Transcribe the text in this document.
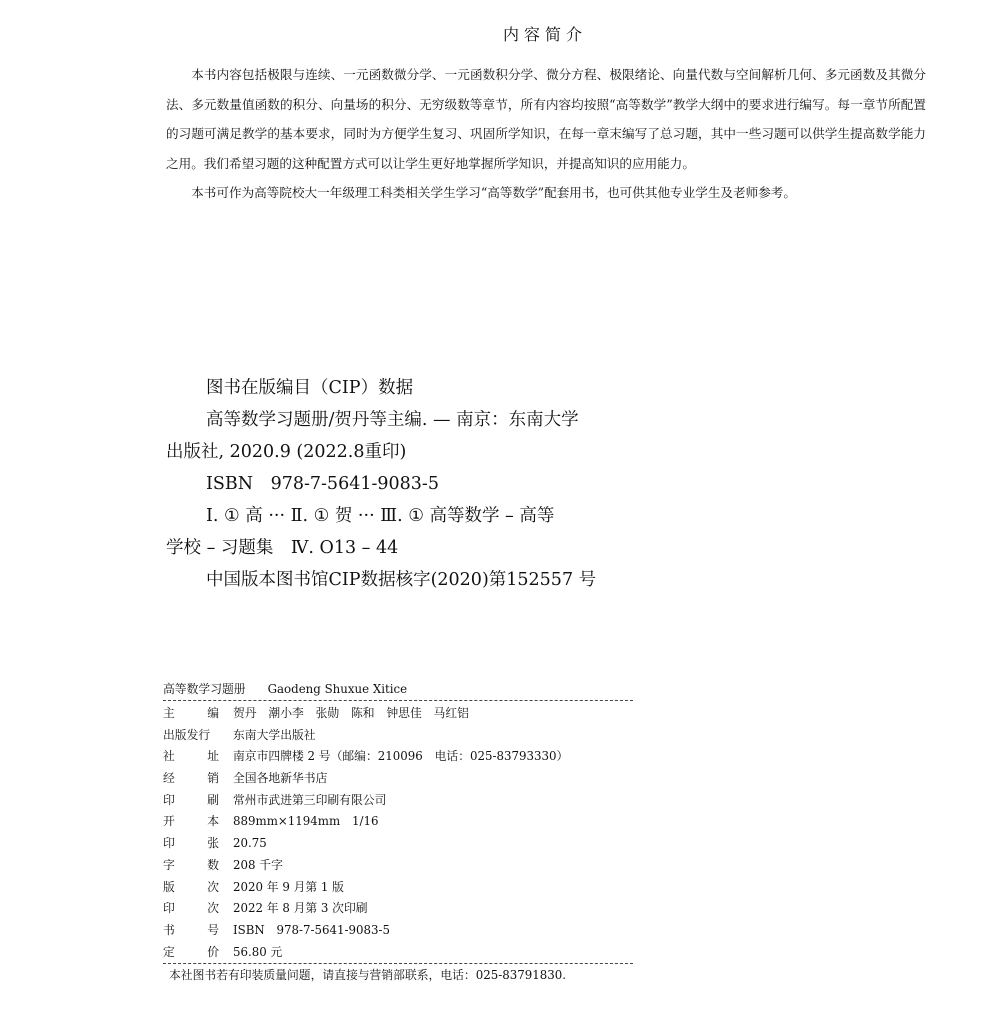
内容简介

本书内容包括极限与连续、一元函数微分学、一元函数积分学、微分方程、极限绪论、向量代数与空间解析几何、多元函数及其微分法、多元数量值函数的积分、向量场的积分、无穷级数等章节，所有内容均按照“高等数学”教学大纲中的要求进行编写。每一章节所配置的习题可满足教学的基本要求，同时为方便学生复习、巩固所学知识，在每一章末编写了总习题，其中一些习题可以供学生提高数学能力之用。我们希望习题的这种配置方式可以让学生更好地掌握所学知识，并提高知识的应用能力。

本书可作为高等院校大一年级理工科类相关学生学习“高等数学”配套用书，也可供其他专业学生及老师参考。

图书在版编目（CIP）数据
高等数学习题册/贺丹等主编. — 南京：东南大学
出版社, 2020.9 (2022.8重印)
ISBN　978-7-5641-9083-5
Ⅰ. ① 高 ··· Ⅱ. ① 贺 ··· Ⅲ. ① 高等数学 – 高等
学校 – 习题集　Ⅳ. O13 – 44
中国版本图书馆CIP数据核字(2020)第152557 号
高等数学习题册 Gaodeng Shuxue Xitice
主	编 贺丹　潮小李　张勋　陈和　钟思佳　马红铝
出版发行	东南大学出版社
社	址 南京市四牌楼 2 号（邮编：210096　电话：025-83793330）
经	销 全国各地新华书店
印	刷 常州市武进第三印刷有限公司
开	本 889mm×1194mm　1/16
印	张 20.75
字	数 208 千字
版	次 2020 年 9 月第 1 版
印	次 2022 年 8 月第 3 次印刷
书	号 ISBN　978-7-5641-9083-5
定	价 56.80 元
本社图书若有印装质量问题，请直接与营销部联系，电话：025-83791830.
